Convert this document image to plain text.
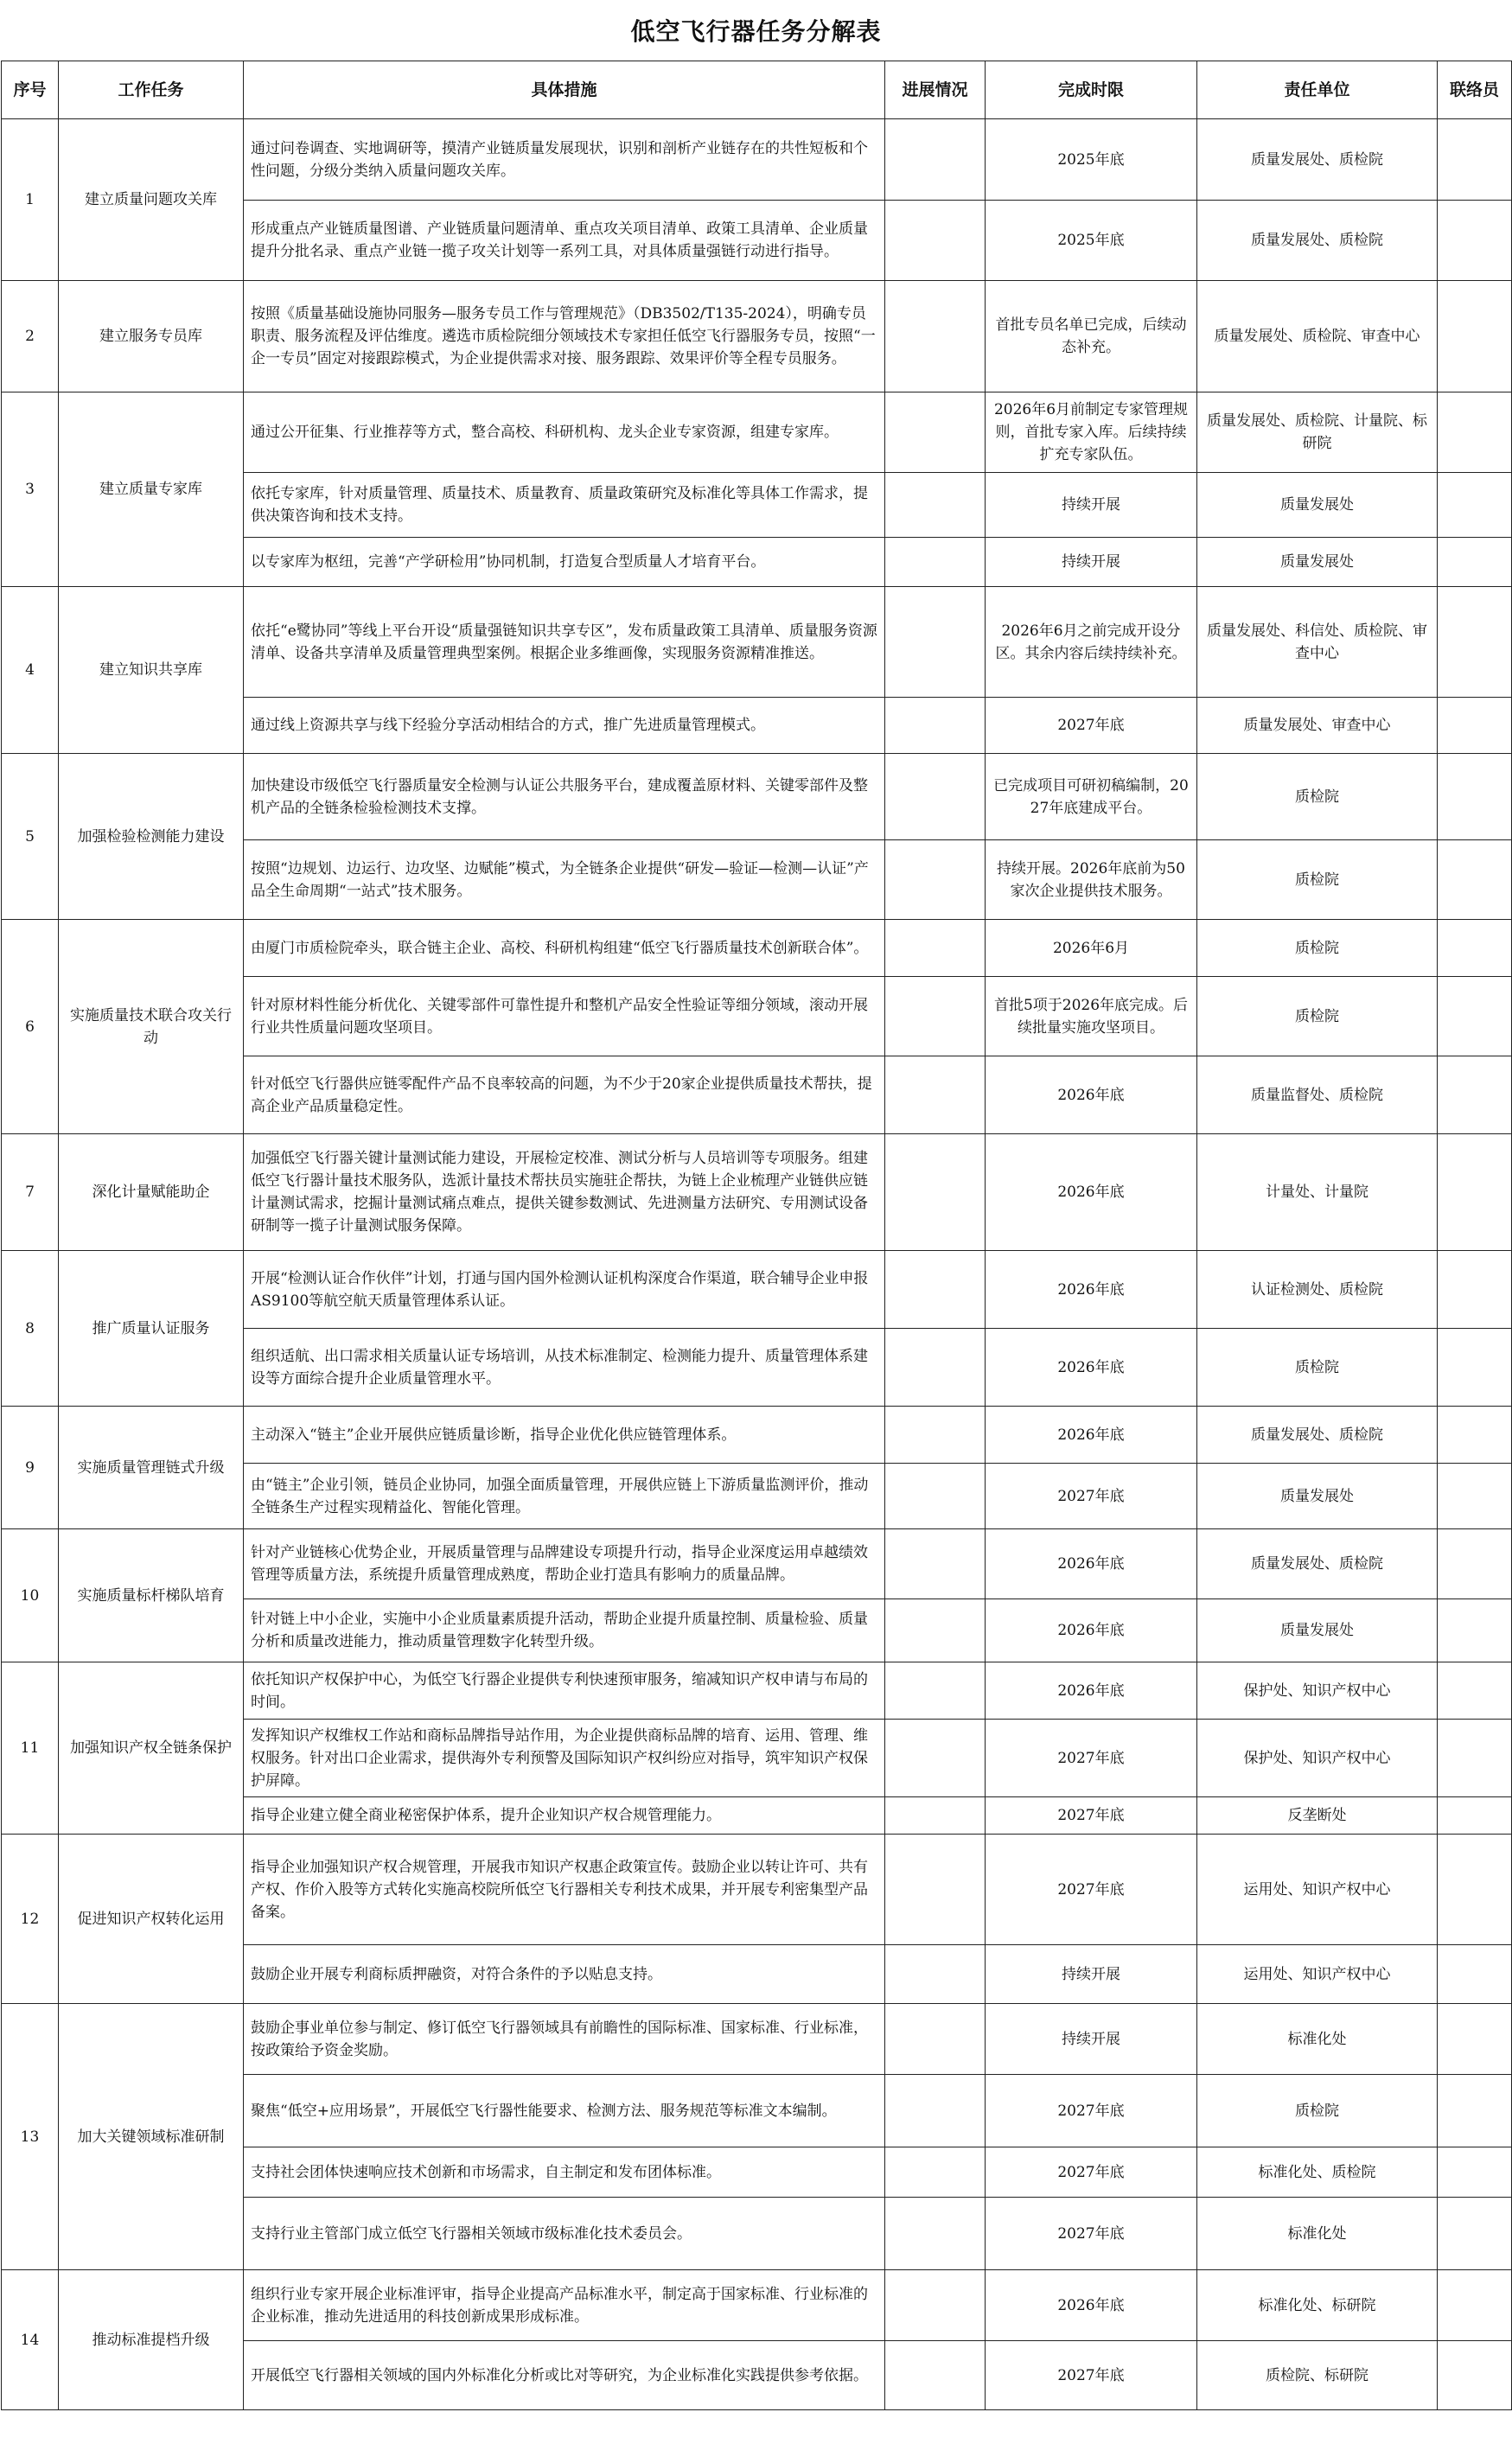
低空飞行器任务分解表
序号	工作任务	具体措施	进展情况	完成时限	责任单位	联络员
1	建立质量问题攻关库	通过问卷调查、实地调研等，摸清产业链质量发展现状，识别和剖析产业链存在的共性短板和个性问题，分级分类纳入质量问题攻关库。		2025年底	质量发展处、质检院	
		形成重点产业链质量图谱、产业链质量问题清单、重点攻关项目清单、政策工具清单、企业质量提升分批名录、重点产业链一揽子攻关计划等一系列工具，对具体质量强链行动进行指导。		2025年底	质量发展处、质检院	
2	建立服务专员库	按照《质量基础设施协同服务—服务专员工作与管理规范》（DB3502/T135-2024），明确专员职责、服务流程及评估维度。遴选市质检院细分领域技术专家担任低空飞行器服务专员，按照“一企一专员”固定对接跟踪模式，为企业提供需求对接、服务跟踪、效果评价等全程专员服务。		首批专员名单已完成，后续动态补充。	质量发展处、质检院、审查中心	
3	建立质量专家库	通过公开征集、行业推荐等方式，整合高校、科研机构、龙头企业专家资源，组建专家库。		2026年6月前制定专家管理规则，首批专家入库。后续持续扩充专家队伍。	质量发展处、质检院、计量院、标研院	
		依托专家库，针对质量管理、质量技术、质量教育、质量政策研究及标准化等具体工作需求，提供决策咨询和技术支持。		持续开展	质量发展处	
		以专家库为枢纽，完善“产学研检用”协同机制，打造复合型质量人才培育平台。		持续开展	质量发展处	
4	建立知识共享库	依托“e鹭协同”等线上平台开设“质量强链知识共享专区”，发布质量政策工具清单、质量服务资源清单、设备共享清单及质量管理典型案例。根据企业多维画像，实现服务资源精准推送。		2026年6月之前完成开设分区。其余内容后续持续补充。	质量发展处、科信处、质检院、审查中心	
		通过线上资源共享与线下经验分享活动相结合的方式，推广先进质量管理模式。		2027年底	质量发展处、审查中心	
5	加强检验检测能力建设	加快建设市级低空飞行器质量安全检测与认证公共服务平台，建成覆盖原材料、关键零部件及整机产品的全链条检验检测技术支撑。		已完成项目可研初稿编制，2027年底建成平台。	质检院	
		按照“边规划、边运行、边攻坚、边赋能”模式，为全链条企业提供“研发—验证—检测—认证”产品全生命周期“一站式”技术服务。		持续开展。2026年底前为50家次企业提供技术服务。	质检院	
6	实施质量技术联合攻关行动	由厦门市质检院牵头，联合链主企业、高校、科研机构组建“低空飞行器质量技术创新联合体”。		2026年6月	质检院	
		针对原材料性能分析优化、关键零部件可靠性提升和整机产品安全性验证等细分领域，滚动开展行业共性质量问题攻坚项目。		首批5项于2026年底完成。后续批量实施攻坚项目。	质检院	
		针对低空飞行器供应链零配件产品不良率较高的问题，为不少于20家企业提供质量技术帮扶，提高企业产品质量稳定性。		2026年底	质量监督处、质检院	
7	深化计量赋能助企	加强低空飞行器关键计量测试能力建设，开展检定校准、测试分析与人员培训等专项服务。组建低空飞行器计量技术服务队，选派计量技术帮扶员实施驻企帮扶，为链上企业梳理产业链供应链计量测试需求，挖掘计量测试痛点难点，提供关键参数测试、先进测量方法研究、专用测试设备研制等一揽子计量测试服务保障。		2026年底	计量处、计量院	
8	推广质量认证服务	开展“检测认证合作伙伴”计划，打通与国内国外检测认证机构深度合作渠道，联合辅导企业申报AS9100等航空航天质量管理体系认证。		2026年底	认证检测处、质检院	
		组织适航、出口需求相关质量认证专场培训，从技术标准制定、检测能力提升、质量管理体系建设等方面综合提升企业质量管理水平。		2026年底	质检院	
9	实施质量管理链式升级	主动深入“链主”企业开展供应链质量诊断，指导企业优化供应链管理体系。		2026年底	质量发展处、质检院	
		由“链主”企业引领，链员企业协同，加强全面质量管理，开展供应链上下游质量监测评价，推动全链条生产过程实现精益化、智能化管理。		2027年底	质量发展处	
10	实施质量标杆梯队培育	针对产业链核心优势企业，开展质量管理与品牌建设专项提升行动，指导企业深度运用卓越绩效管理等质量方法，系统提升质量管理成熟度，帮助企业打造具有影响力的质量品牌。		2026年底	质量发展处、质检院	
		针对链上中小企业，实施中小企业质量素质提升活动，帮助企业提升质量控制、质量检验、质量分析和质量改进能力，推动质量管理数字化转型升级。		2026年底	质量发展处	
11	加强知识产权全链条保护	依托知识产权保护中心，为低空飞行器企业提供专利快速预审服务，缩减知识产权申请与布局的时间。		2026年底	保护处、知识产权中心	
		发挥知识产权维权工作站和商标品牌指导站作用，为企业提供商标品牌的培育、运用、管理、维权服务。针对出口企业需求，提供海外专利预警及国际知识产权纠纷应对指导，筑牢知识产权保护屏障。		2027年底	保护处、知识产权中心	
		指导企业建立健全商业秘密保护体系，提升企业知识产权合规管理能力。		2027年底	反垄断处	
12	促进知识产权转化运用	指导企业加强知识产权合规管理，开展我市知识产权惠企政策宣传。鼓励企业以转让许可、共有产权、作价入股等方式转化实施高校院所低空飞行器相关专利技术成果，并开展专利密集型产品备案。		2027年底	运用处、知识产权中心	
		鼓励企业开展专利商标质押融资，对符合条件的予以贴息支持。		持续开展	运用处、知识产权中心	
13	加大关键领域标准研制	鼓励企事业单位参与制定、修订低空飞行器领域具有前瞻性的国际标准、国家标准、行业标准，按政策给予资金奖励。		持续开展	标准化处	
		聚焦“低空+应用场景”，开展低空飞行器性能要求、检测方法、服务规范等标准文本编制。		2027年底	质检院	
		支持社会团体快速响应技术创新和市场需求，自主制定和发布团体标准。		2027年底	标准化处、质检院	
		支持行业主管部门成立低空飞行器相关领域市级标准化技术委员会。		2027年底	标准化处	
14	推动标准提档升级	组织行业专家开展企业标准评审，指导企业提高产品标准水平，制定高于国家标准、行业标准的企业标准，推动先进适用的科技创新成果形成标准。		2026年底	标准化处、标研院	
		开展低空飞行器相关领域的国内外标准化分析或比对等研究，为企业标准化实践提供参考依据。		2027年底	质检院、标研院	
